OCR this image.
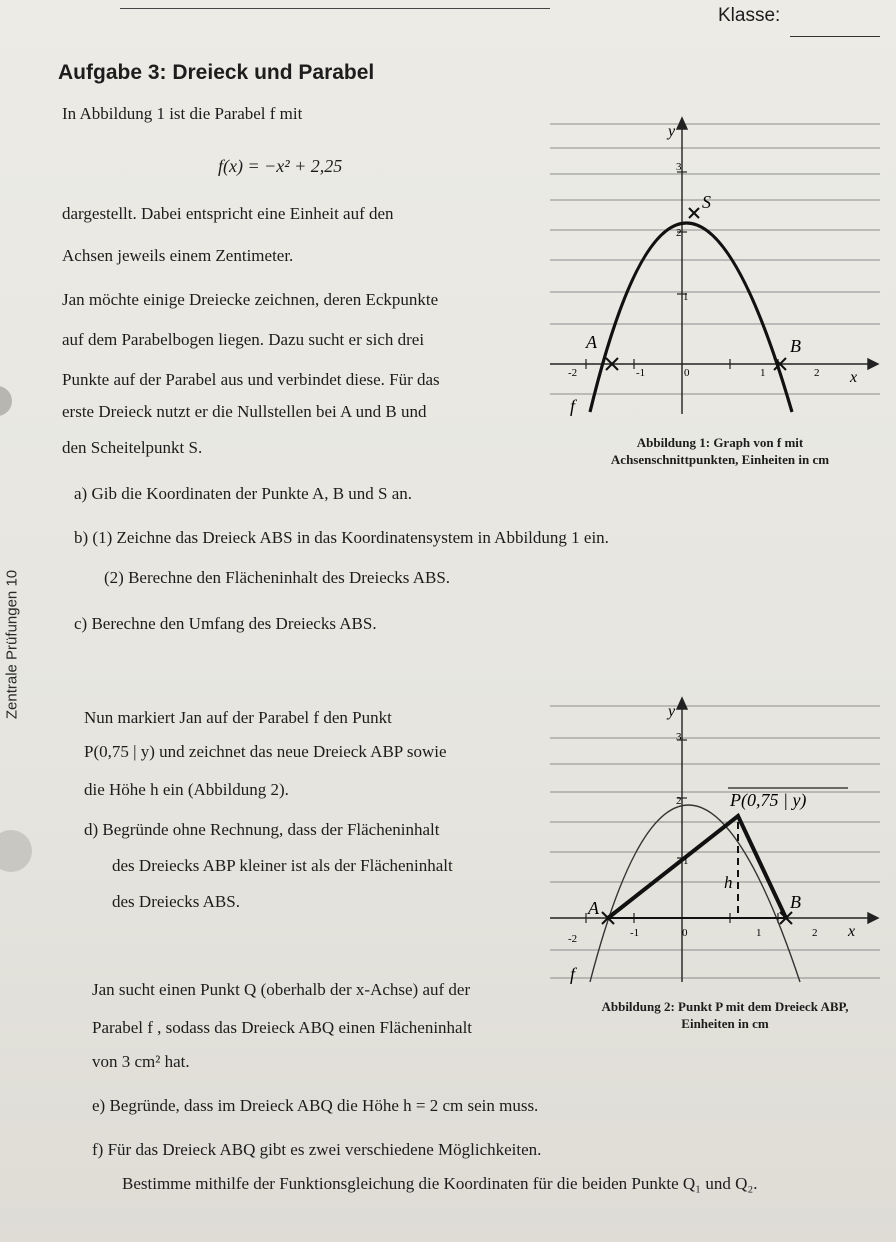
Klasse:
Aufgabe 3: Dreieck und Parabel
Zentrale Prüfungen 10
In Abbildung 1 ist die Parabel f mit
f(x) = −x² + 2,25
dargestellt. Dabei entspricht eine Einheit auf den
Achsen jeweils einem Zentimeter.
Jan möchte einige Dreiecke zeichnen, deren Eckpunkte
auf dem Parabelbogen liegen. Dazu sucht er sich drei
Punkte auf der Parabel aus und verbindet diese. Für das
erste Dreieck nutzt er die Nullstellen bei A und B und
den Scheitelpunkt S.
y
x
S
A	B
f
3
2
1
-2	-1	0	1	2
Abbildung 1: Graph von f mit
Achsenschnittpunkten, Einheiten in cm
a) Gib die Koordinaten der Punkte A, B und S an.
b) (1) Zeichne das Dreieck ABS in das Koordinatensystem in Abbildung 1 ein.
(2) Berechne den Flächeninhalt des Dreiecks ABS.
c) Berechne den Umfang des Dreiecks ABS.
Nun markiert Jan auf der Parabel f den Punkt
P(0,75 | y) und zeichnet das neue Dreieck ABP sowie
die Höhe h ein (Abbildung 2).
d) Begründe ohne Rechnung, dass der Flächeninhalt
des Dreiecks ABP kleiner ist als der Flächeninhalt
des Dreiecks ABS.
y
x
P(0,75 | y)
A	B
h
f
3
2
1
-2	-1	0	1	2
Abbildung 2: Punkt P mit dem Dreieck ABP,
Einheiten in cm
Jan sucht einen Punkt Q (oberhalb der x-Achse) auf der
Parabel f , sodass das Dreieck ABQ einen Flächeninhalt
von 3 cm² hat.
e) Begründe, dass im Dreieck ABQ die Höhe h = 2 cm sein muss.
f) Für das Dreieck ABQ gibt es zwei verschiedene Möglichkeiten.
Bestimme mithilfe der Funktionsgleichung die Koordinaten für die beiden Punkte Q₁ und Q₂.
